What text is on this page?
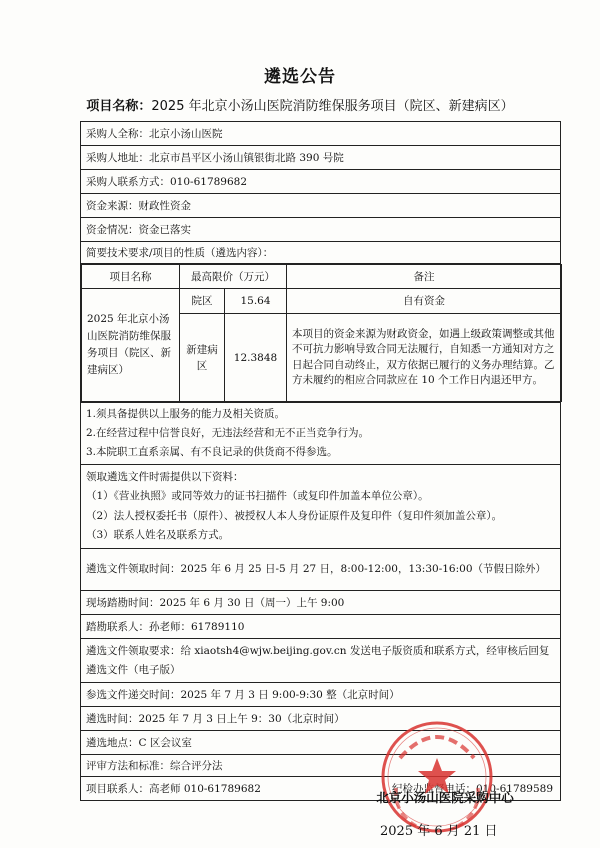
遴选公告
项目名称：2025 年北京小汤山医院消防维保服务项目（院区、新建病区）
采购人全称：北京小汤山医院
采购人地址：北京市昌平区小汤山镇银街北路 390 号院
采购人联系方式：010-61789682
资金来源：财政性资金
资金情况：资金已落实
简要技术要求/项目的性质（遴选内容）：

项目名称	最高限价（万元）	备注
2025 年北京小汤山医院消防维保服务项目（院区、新建病区）	院区	15.64	自有资金
新建病区	12.3848	本项目的资金来源为财政资金，如遇上级政策调整或其他不可抗力影响导致合同无法履行，自知悉一方通知对方之日起合同自动终止，双方依据已履行的义务办理结算。乙方未履约的相应合同款应在 10 个工作日内退还甲方。

1.须具备提供以上服务的能力及相关资质。
2.在经营过程中信誉良好，无违法经营和无不正当竞争行为。
3.本院职工直系亲属、有不良记录的供货商不得参选。

领取遴选文件时需提供以下资料：
（1）《营业执照》或同等效力的证书扫描件（或复印件加盖本单位公章）。
（2）法人授权委托书（原件）、被授权人本人身份证原件及复印件（复印件须加盖公章）。
（3）联系人姓名及联系方式。

遴选文件领取时间：2025 年 6 月 25 日-5 月 27 日，8:00-12:00，13:30-16:00（节假日除外）
现场踏勘时间：2025 年 6 月 30 日（周一）上午 9:00
踏勘联系人：孙老师：61789110
遴选文件领取要求：给 xiaotsh4@wjw.beijing.gov.cn 发送电子版资质和联系方式，经审核后回复遴选文件（电子版）
参选文件递交时间：2025 年 7 月 3 日 9:00-9:30 整（北京时间）
遴选时间：2025 年 7 月 3 日上午 9：30（北京时间）
遴选地点：C 区会议室
评审方法和标准：综合评分法
项目联系人：高老师 010-61789682	纪检办监督电话：010-61789589
北京小汤山医院采购中心
2025 年 6 月 21 日
